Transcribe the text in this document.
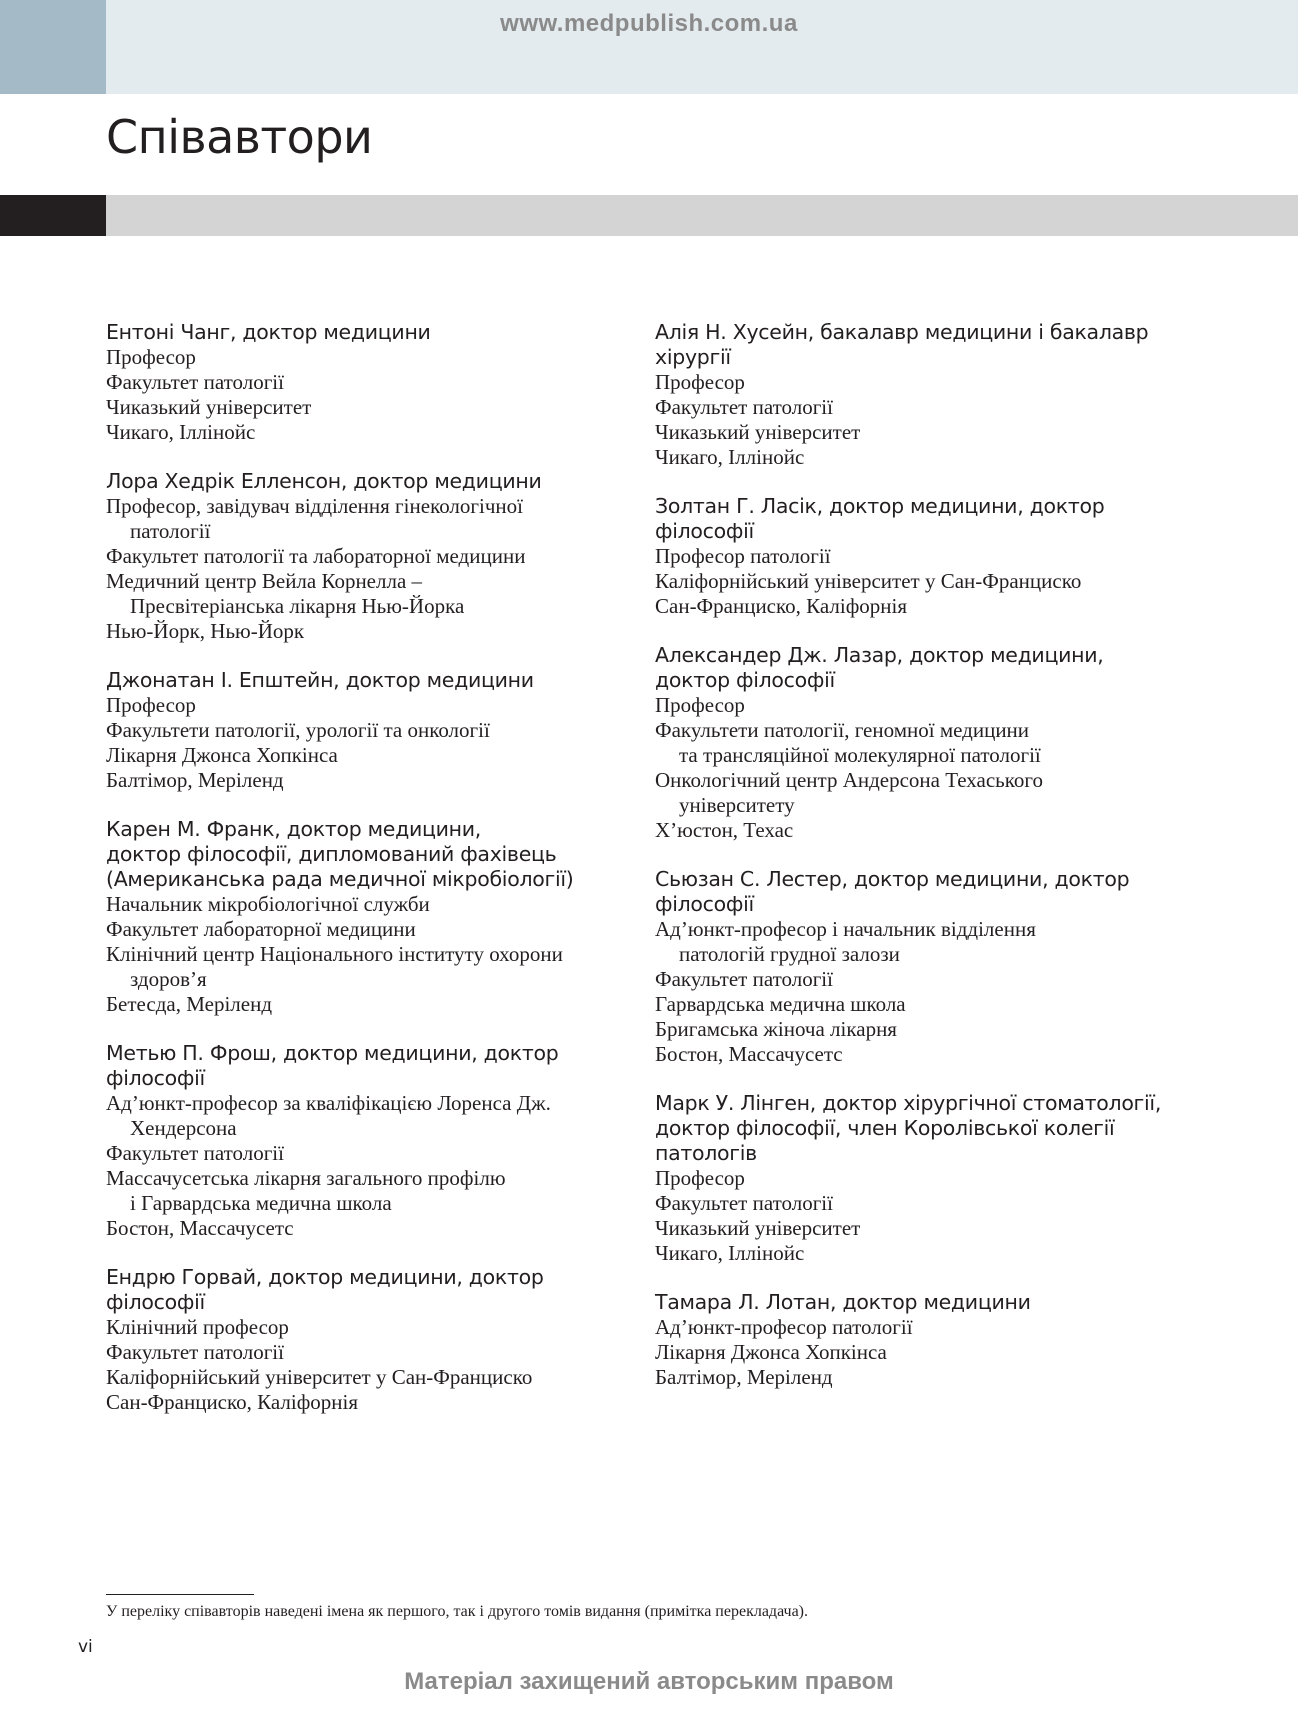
www.medpublish.com.ua
Співавтори
Ентоні Чанг, доктор медицини
Професор
Факультет патології
Чиказький університет
Чикаго, Іллінойс
Лора Хедрік Елленсон, доктор медицини
Професор, завідувач відділення гінекологічної
патології
Факультет патології та лабораторної медицини
Медичний центр Вейла Корнелла –
Пресвітеріанська лікарня Нью-Йорка
Нью-Йорк, Нью-Йорк
Джонатан І. Епштейн, доктор медицини
Професор
Факультети патології, урології та онкології
Лікарня Джонса Хопкінса
Балтімор, Меріленд
Карен М. Франк, доктор медицини,
доктор філософії, дипломований фахівець
(Американська рада медичної мікробіології)
Начальник мікробіологічної служби
Факультет лабораторної медицини
Клінічний центр Національного інституту охорони
здоров’я
Бетесда, Меріленд
Метью П. Фрош, доктор медицини, доктор
філософії
Ад’юнкт-професор за кваліфікацією Лоренса Дж.
Хендерсона
Факультет патології
Массачусетська лікарня загального профілю
і Гарвардська медична школа
Бостон, Массачусетс
Ендрю Горвай, доктор медицини, доктор
філософії
Клінічний професор
Факультет патології
Каліфорнійський університет у Сан-Франциско
Сан-Франциско, Каліфорнія
Алія Н. Хусейн, бакалавр медицини і бакалавр
хірургії
Професор
Факультет патології
Чиказький університет
Чикаго, Іллінойс
Золтан Г. Ласік, доктор медицини, доктор
філософії
Професор патології
Каліфорнійський університет у Сан-Франциско
Сан-Франциско, Каліфорнія
Александер Дж. Лазар, доктор медицини,
доктор філософії
Професор
Факультети патології, геномної медицини
та трансляційної молекулярної патології
Онкологічний центр Андерсона Техаського
університету
Х’юстон, Техас
Сьюзан С. Лестер, доктор медицини, доктор
філософії
Ад’юнкт-професор і начальник відділення
патологій грудної залози
Факультет патології
Гарвардська медична школа
Бригамська жіноча лікарня
Бостон, Массачусетс
Марк У. Лінген, доктор хірургічної стоматології,
доктор філософії, член Королівської колегії
патологів
Професор
Факультет патології
Чиказький університет
Чикаго, Іллінойс
Тамара Л. Лотан, доктор медицини
Ад’юнкт-професор патології
Лікарня Джонса Хопкінса
Балтімор, Меріленд
У переліку співавторів наведені імена як першого, так і другого томів видання (примітка перекладача).
vi
Матеріал захищений авторським правом
